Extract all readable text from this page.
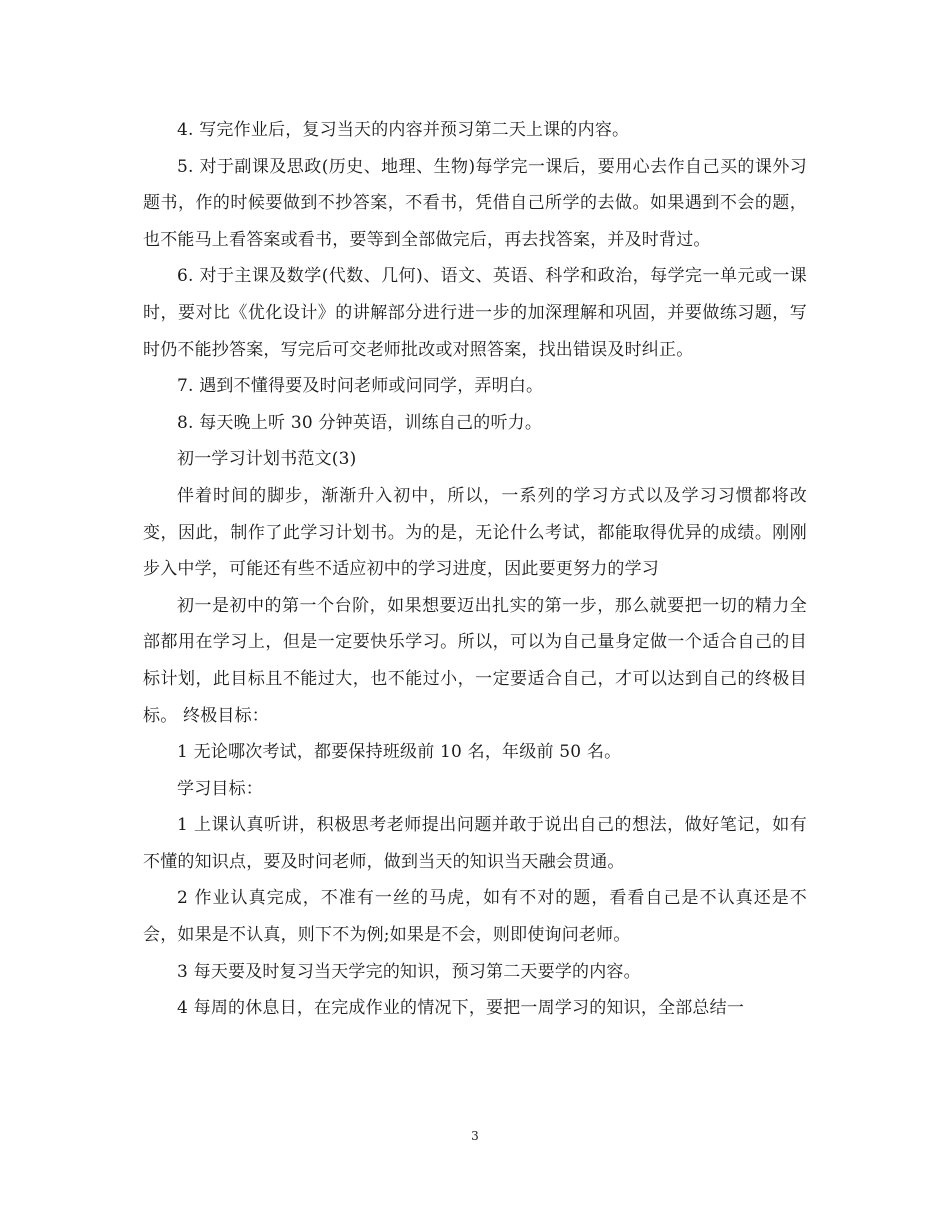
4. 写完作业后，复习当天的内容并预习第二天上课的内容。

5. 对于副课及思政(历史、地理、生物)每学完一课后，要用心去作自己买的课外习题书，作的时候要做到不抄答案，不看书，凭借自己所学的去做。如果遇到不会的题，也不能马上看答案或看书，要等到全部做完后，再去找答案，并及时背过。

6. 对于主课及数学(代数、几何)、语文、英语、科学和政治，每学完一单元或一课时，要对比《优化设计》的讲解部分进行进一步的加深理解和巩固，并要做练习题，写时仍不能抄答案，写完后可交老师批改或对照答案，找出错误及时纠正。

7. 遇到不懂得要及时问老师或问同学，弄明白。

8. 每天晚上听 30 分钟英语，训练自己的听力。

初一学习计划书范文(3)

伴着时间的脚步，渐渐升入初中，所以，一系列的学习方式以及学习习惯都将改变，因此，制作了此学习计划书。为的是，无论什么考试，都能取得优异的成绩。刚刚步入中学，可能还有些不适应初中的学习进度，因此要更努力的学习

初一是初中的第一个台阶，如果想要迈出扎实的第一步，那么就要把一切的精力全部都用在学习上，但是一定要快乐学习。所以，可以为自己量身定做一个适合自己的目标计划，此目标且不能过大，也不能过小，一定要适合自己，才可以达到自己的终极目标。 终极目标：

1 无论哪次考试，都要保持班级前 10 名，年级前 50 名。

学习目标：

1 上课认真听讲，积极思考老师提出问题并敢于说出自己的想法，做好笔记，如有不懂的知识点，要及时问老师，做到当天的知识当天融会贯通。

2 作业认真完成，不准有一丝的马虎，如有不对的题，看看自己是不认真还是不会，如果是不认真，则下不为例;如果是不会，则即使询问老师。

3 每天要及时复习当天学完的知识，预习第二天要学的内容。

4 每周的休息日，在完成作业的情况下，要把一周学习的知识，全部总结一

3
